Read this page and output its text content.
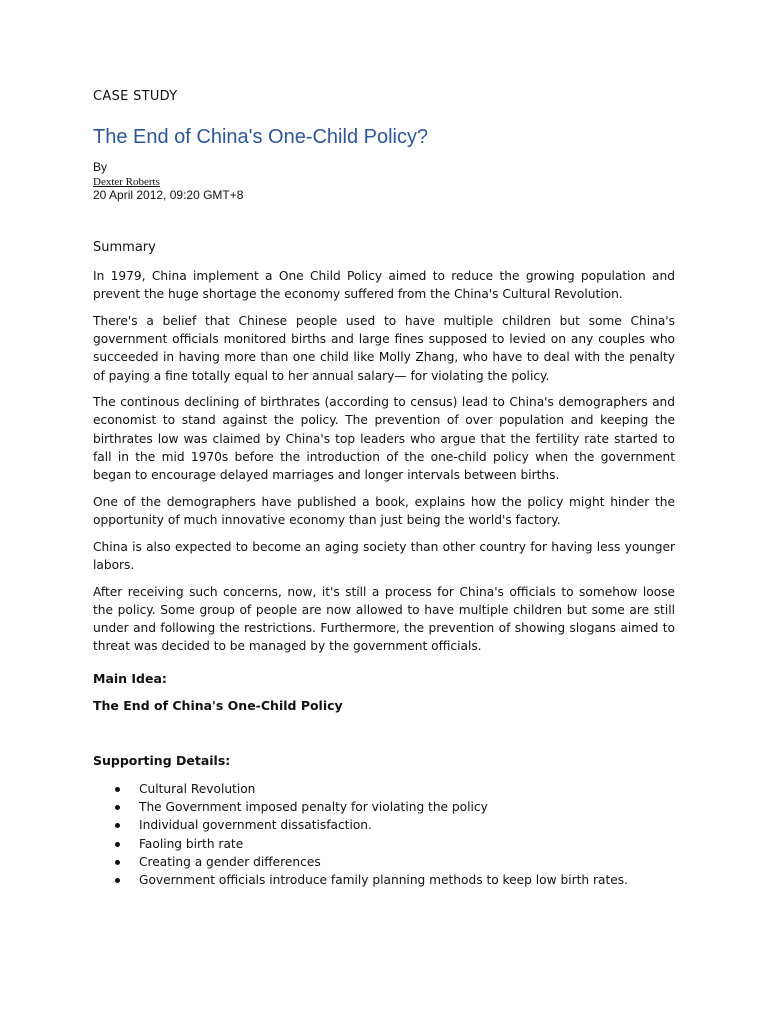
CASE STUDY
The End of China's One-Child Policy?
By
Dexter Roberts
20 April 2012, 09:20 GMT+8
Summary

In 1979, China implement a One Child Policy aimed to reduce the growing population and prevent the huge shortage the economy suffered from the China's Cultural Revolution.

There's a belief that Chinese people used to have multiple children but some China's government officials monitored births and large fines supposed to levied on any couples who succeeded in having more than one child like Molly Zhang, who have to deal with the penalty of paying a fine totally equal to her annual salary— for violating the policy.

The continous declining of birthrates (according to census) lead to China's demographers and economist to stand against the policy. The prevention of over population and keeping the birthrates low was claimed by China's top leaders who argue that the fertility rate started to fall in the mid 1970s before the introduction of the one-child policy when the government began to encourage delayed marriages and longer intervals between births.

One of the demographers have published a book, explains how the policy might hinder the opportunity of much innovative economy than just being the world's factory.

China is also expected to become an aging society than other country for having less younger labors.

After receiving such concerns, now, it's still a process for China's officials to somehow loose the policy. Some group of people are now allowed to have multiple children but some are still under and following the restrictions. Furthermore, the prevention of showing slogans aimed to threat was decided to be managed by the government officials.

Main Idea:
The End of China's One-Child Policy
Supporting Details:
Cultural Revolution
The Government imposed penalty for violating the policy
Individual government dissatisfaction.
Faoling birth rate
Creating a gender differences
Government officials introduce family planning methods to keep low birth rates.
